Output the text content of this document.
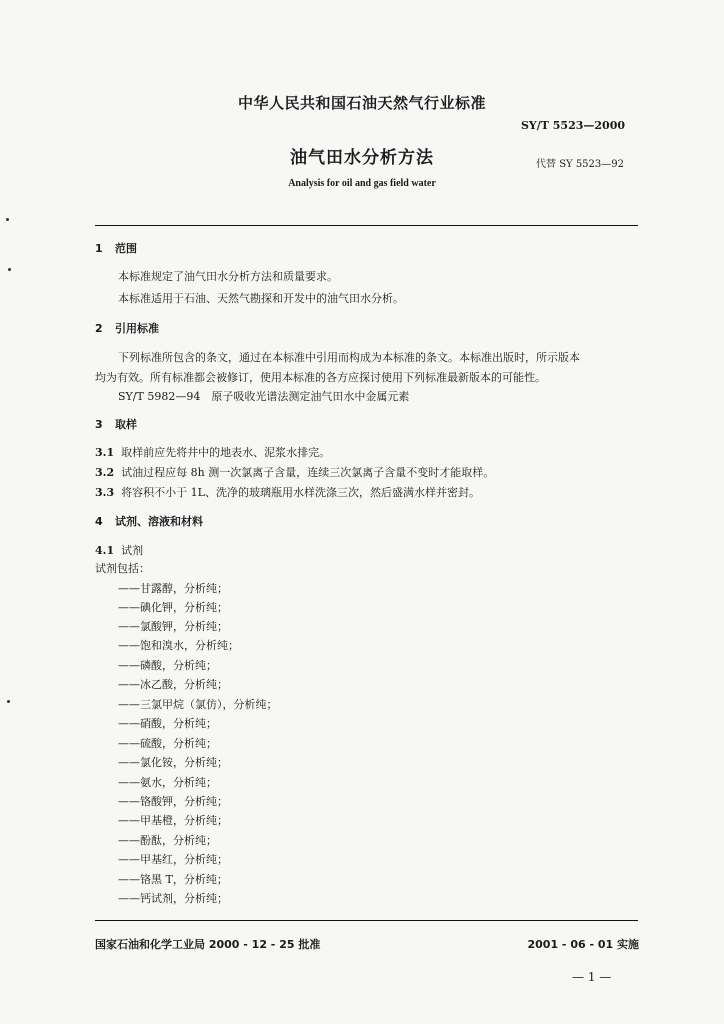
中华人民共和国石油天然气行业标准
SY/T 5523—2000
油气田水分析方法	代替 SY 5523—92
Analysis for oil and gas field water
1 范围
本标准规定了油气田水分析方法和质量要求。
本标准适用于石油、天然气勘探和开发中的油气田水分析。
2 引用标准
下列标准所包含的条文，通过在本标准中引用而构成为本标准的条文。本标准出版时，所示版本
均为有效。所有标准都会被修订，使用本标准的各方应探讨使用下列标准最新版本的可能性。
SY/T 5982—94　原子吸收光谱法测定油气田水中金属元素
3 取样
3.1 取样前应先将井中的地表水、泥浆水排完。
3.2 试油过程应每 8h 测一次氯离子含量，连续三次氯离子含量不变时才能取样。
3.3 将容积不小于 1L、洗净的玻璃瓶用水样洗涤三次，然后盛满水样并密封。
4 试剂、溶液和材料
4.1 试剂
试剂包括：
——甘露醇，分析纯；
——碘化钾，分析纯；
——氯酸钾，分析纯；
——饱和溴水，分析纯；
——磷酸，分析纯；
——冰乙酸，分析纯；
——三氯甲烷（氯仿），分析纯；
——硝酸，分析纯；
——硫酸，分析纯；
——氯化铵，分析纯；
——氨水，分析纯；
——铬酸钾，分析纯；
——甲基橙，分析纯；
——酚酞，分析纯；
——甲基红，分析纯；
——铬黑 T，分析纯；
——钙试剂，分析纯；
国家石油和化学工业局 2000 - 12 - 25 批准	2001 - 06 - 01 实施
— 1 —
